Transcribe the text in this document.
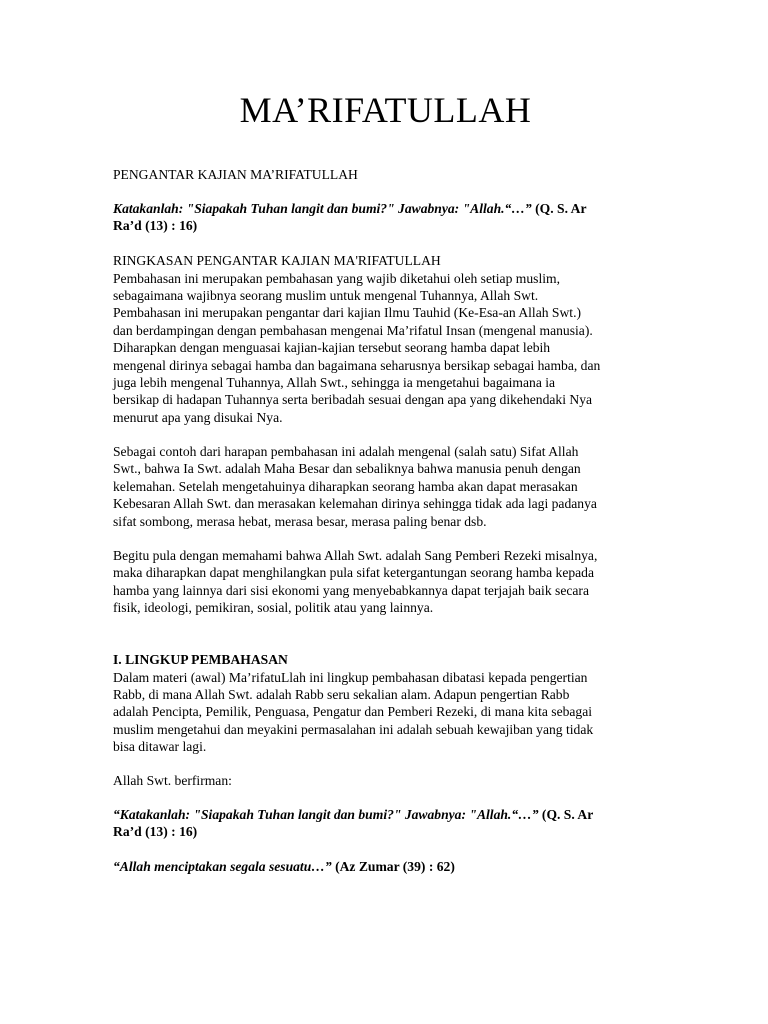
MA’RIFATULLAH

PENGANTAR KAJIAN MA’RIFATULLAH

Katakanlah: "Siapakah Tuhan langit dan bumi?" Jawabnya: "Allah.“…” (Q. S. Ar
Ra’d (13) : 16)

RINGKASAN PENGANTAR KAJIAN MA'RIFATULLAH

Pembahasan ini merupakan pembahasan yang wajib diketahui oleh setiap muslim,
sebagaimana wajibnya seorang muslim untuk mengenal Tuhannya, Allah Swt.
Pembahasan ini merupakan pengantar dari kajian Ilmu Tauhid (Ke-Esa-an Allah Swt.)
dan berdampingan dengan pembahasan mengenai Ma’rifatul Insan (mengenal manusia).
Diharapkan dengan menguasai kajian-kajian tersebut seorang hamba dapat lebih
mengenal dirinya sebagai hamba dan bagaimana seharusnya bersikap sebagai hamba, dan
juga lebih mengenal Tuhannya, Allah Swt., sehingga ia mengetahui bagaimana ia
bersikap di hadapan Tuhannya serta beribadah sesuai dengan apa yang dikehendaki Nya
menurut apa yang disukai Nya.

Sebagai contoh dari harapan pembahasan ini adalah mengenal (salah satu) Sifat Allah
Swt., bahwa Ia Swt. adalah Maha Besar dan sebaliknya bahwa manusia penuh dengan
kelemahan. Setelah mengetahuinya diharapkan seorang hamba akan dapat merasakan
Kebesaran Allah Swt. dan merasakan kelemahan dirinya sehingga tidak ada lagi padanya
sifat sombong, merasa hebat, merasa besar, merasa paling benar dsb.

Begitu pula dengan memahami bahwa Allah Swt. adalah Sang Pemberi Rezeki misalnya,
maka diharapkan dapat menghilangkan pula sifat ketergantungan seorang hamba kepada
hamba yang lainnya dari sisi ekonomi yang menyebabkannya dapat terjajah baik secara
fisik, ideologi, pemikiran, sosial, politik atau yang lainnya.

I. LINGKUP PEMBAHASAN

Dalam materi (awal) Ma’rifatuLlah ini lingkup pembahasan dibatasi kepada pengertian
Rabb, di mana Allah Swt. adalah Rabb seru sekalian alam. Adapun pengertian Rabb
adalah Pencipta, Pemilik, Penguasa, Pengatur dan Pemberi Rezeki, di mana kita sebagai
muslim mengetahui dan meyakini permasalahan ini adalah sebuah kewajiban yang tidak
bisa ditawar lagi.

Allah Swt. berfirman:

“Katakanlah: "Siapakah Tuhan langit dan bumi?" Jawabnya: "Allah.“…” (Q. S. Ar
Ra’d (13) : 16)

“Allah menciptakan segala sesuatu…” (Az Zumar (39) : 62)
